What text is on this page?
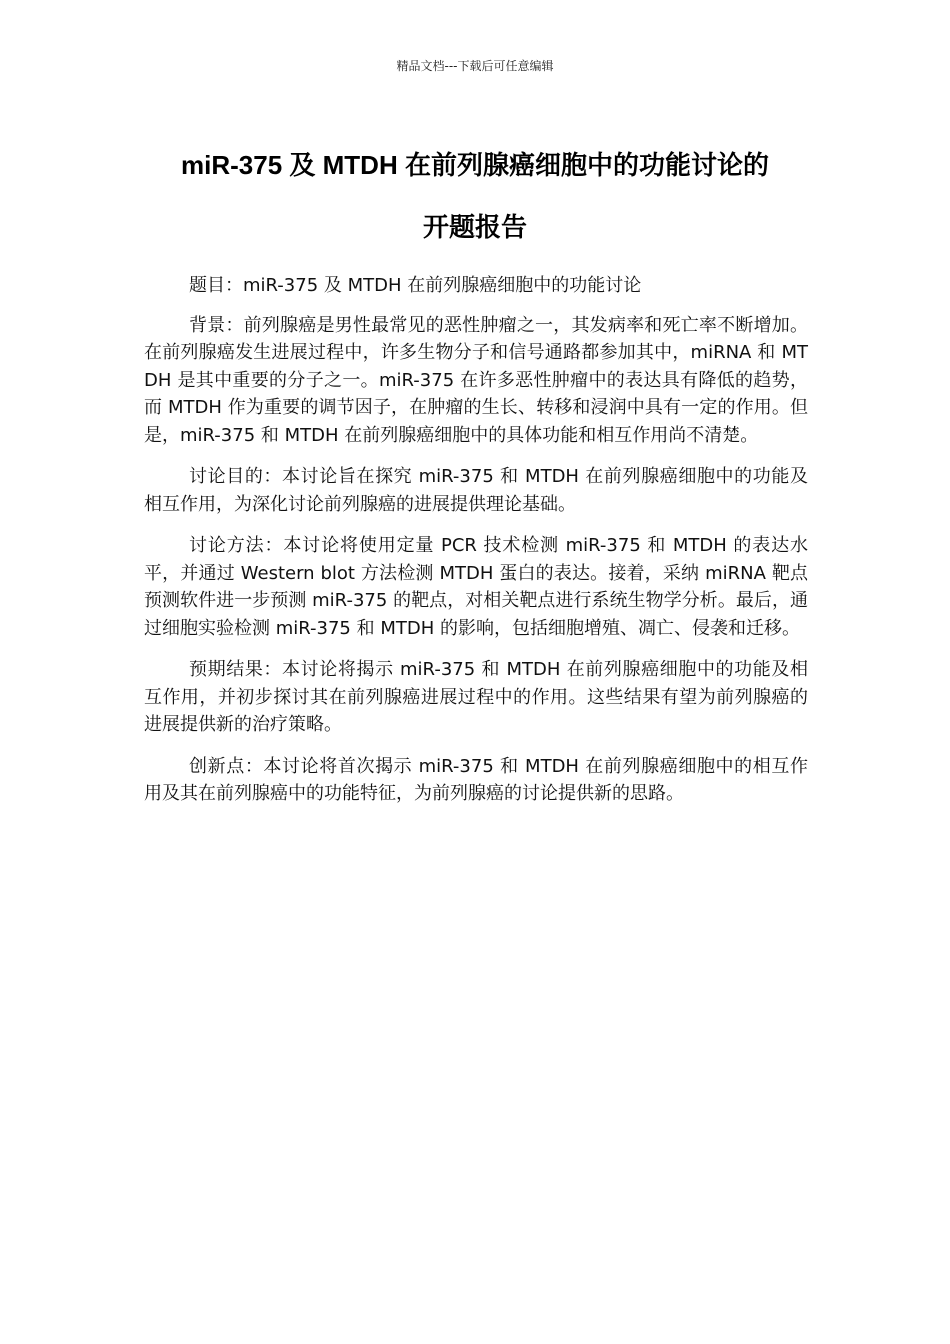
精品文档---下载后可任意编辑
miR-375 及 MTDH 在前列腺癌细胞中的功能讨论的
开题报告

题目：miR-375 及 MTDH 在前列腺癌细胞中的功能讨论

背景：前列腺癌是男性最常见的恶性肿瘤之一，其发病率和死亡率不断增加。在前列腺癌发生进展过程中，许多生物分子和信号通路都参加其中，miRNA 和 MTDH 是其中重要的分子之一。miR-375 在许多恶性肿瘤中的表达具有降低的趋势，而 MTDH 作为重要的调节因子，在肿瘤的生长、转移和浸润中具有一定的作用。但是，miR-375 和 MTDH 在前列腺癌细胞中的具体功能和相互作用尚不清楚。

讨论目的：本讨论旨在探究 miR-375 和 MTDH 在前列腺癌细胞中的功能及相互作用，为深化讨论前列腺癌的进展提供理论基础。

讨论方法：本讨论将使用定量 PCR 技术检测 miR-375 和 MTDH 的表达水平，并通过 Western blot 方法检测 MTDH 蛋白的表达。接着，采纳 miRNA 靶点预测软件进一步预测 miR-375 的靶点，对相关靶点进行系统生物学分析。最后，通过细胞实验检测 miR-375 和 MTDH 的影响，包括细胞增殖、凋亡、侵袭和迁移。

预期结果：本讨论将揭示 miR-375 和 MTDH 在前列腺癌细胞中的功能及相互作用，并初步探讨其在前列腺癌进展过程中的作用。这些结果有望为前列腺癌的进展提供新的治疗策略。

创新点：本讨论将首次揭示 miR-375 和 MTDH 在前列腺癌细胞中的相互作用及其在前列腺癌中的功能特征，为前列腺癌的讨论提供新的思路。
